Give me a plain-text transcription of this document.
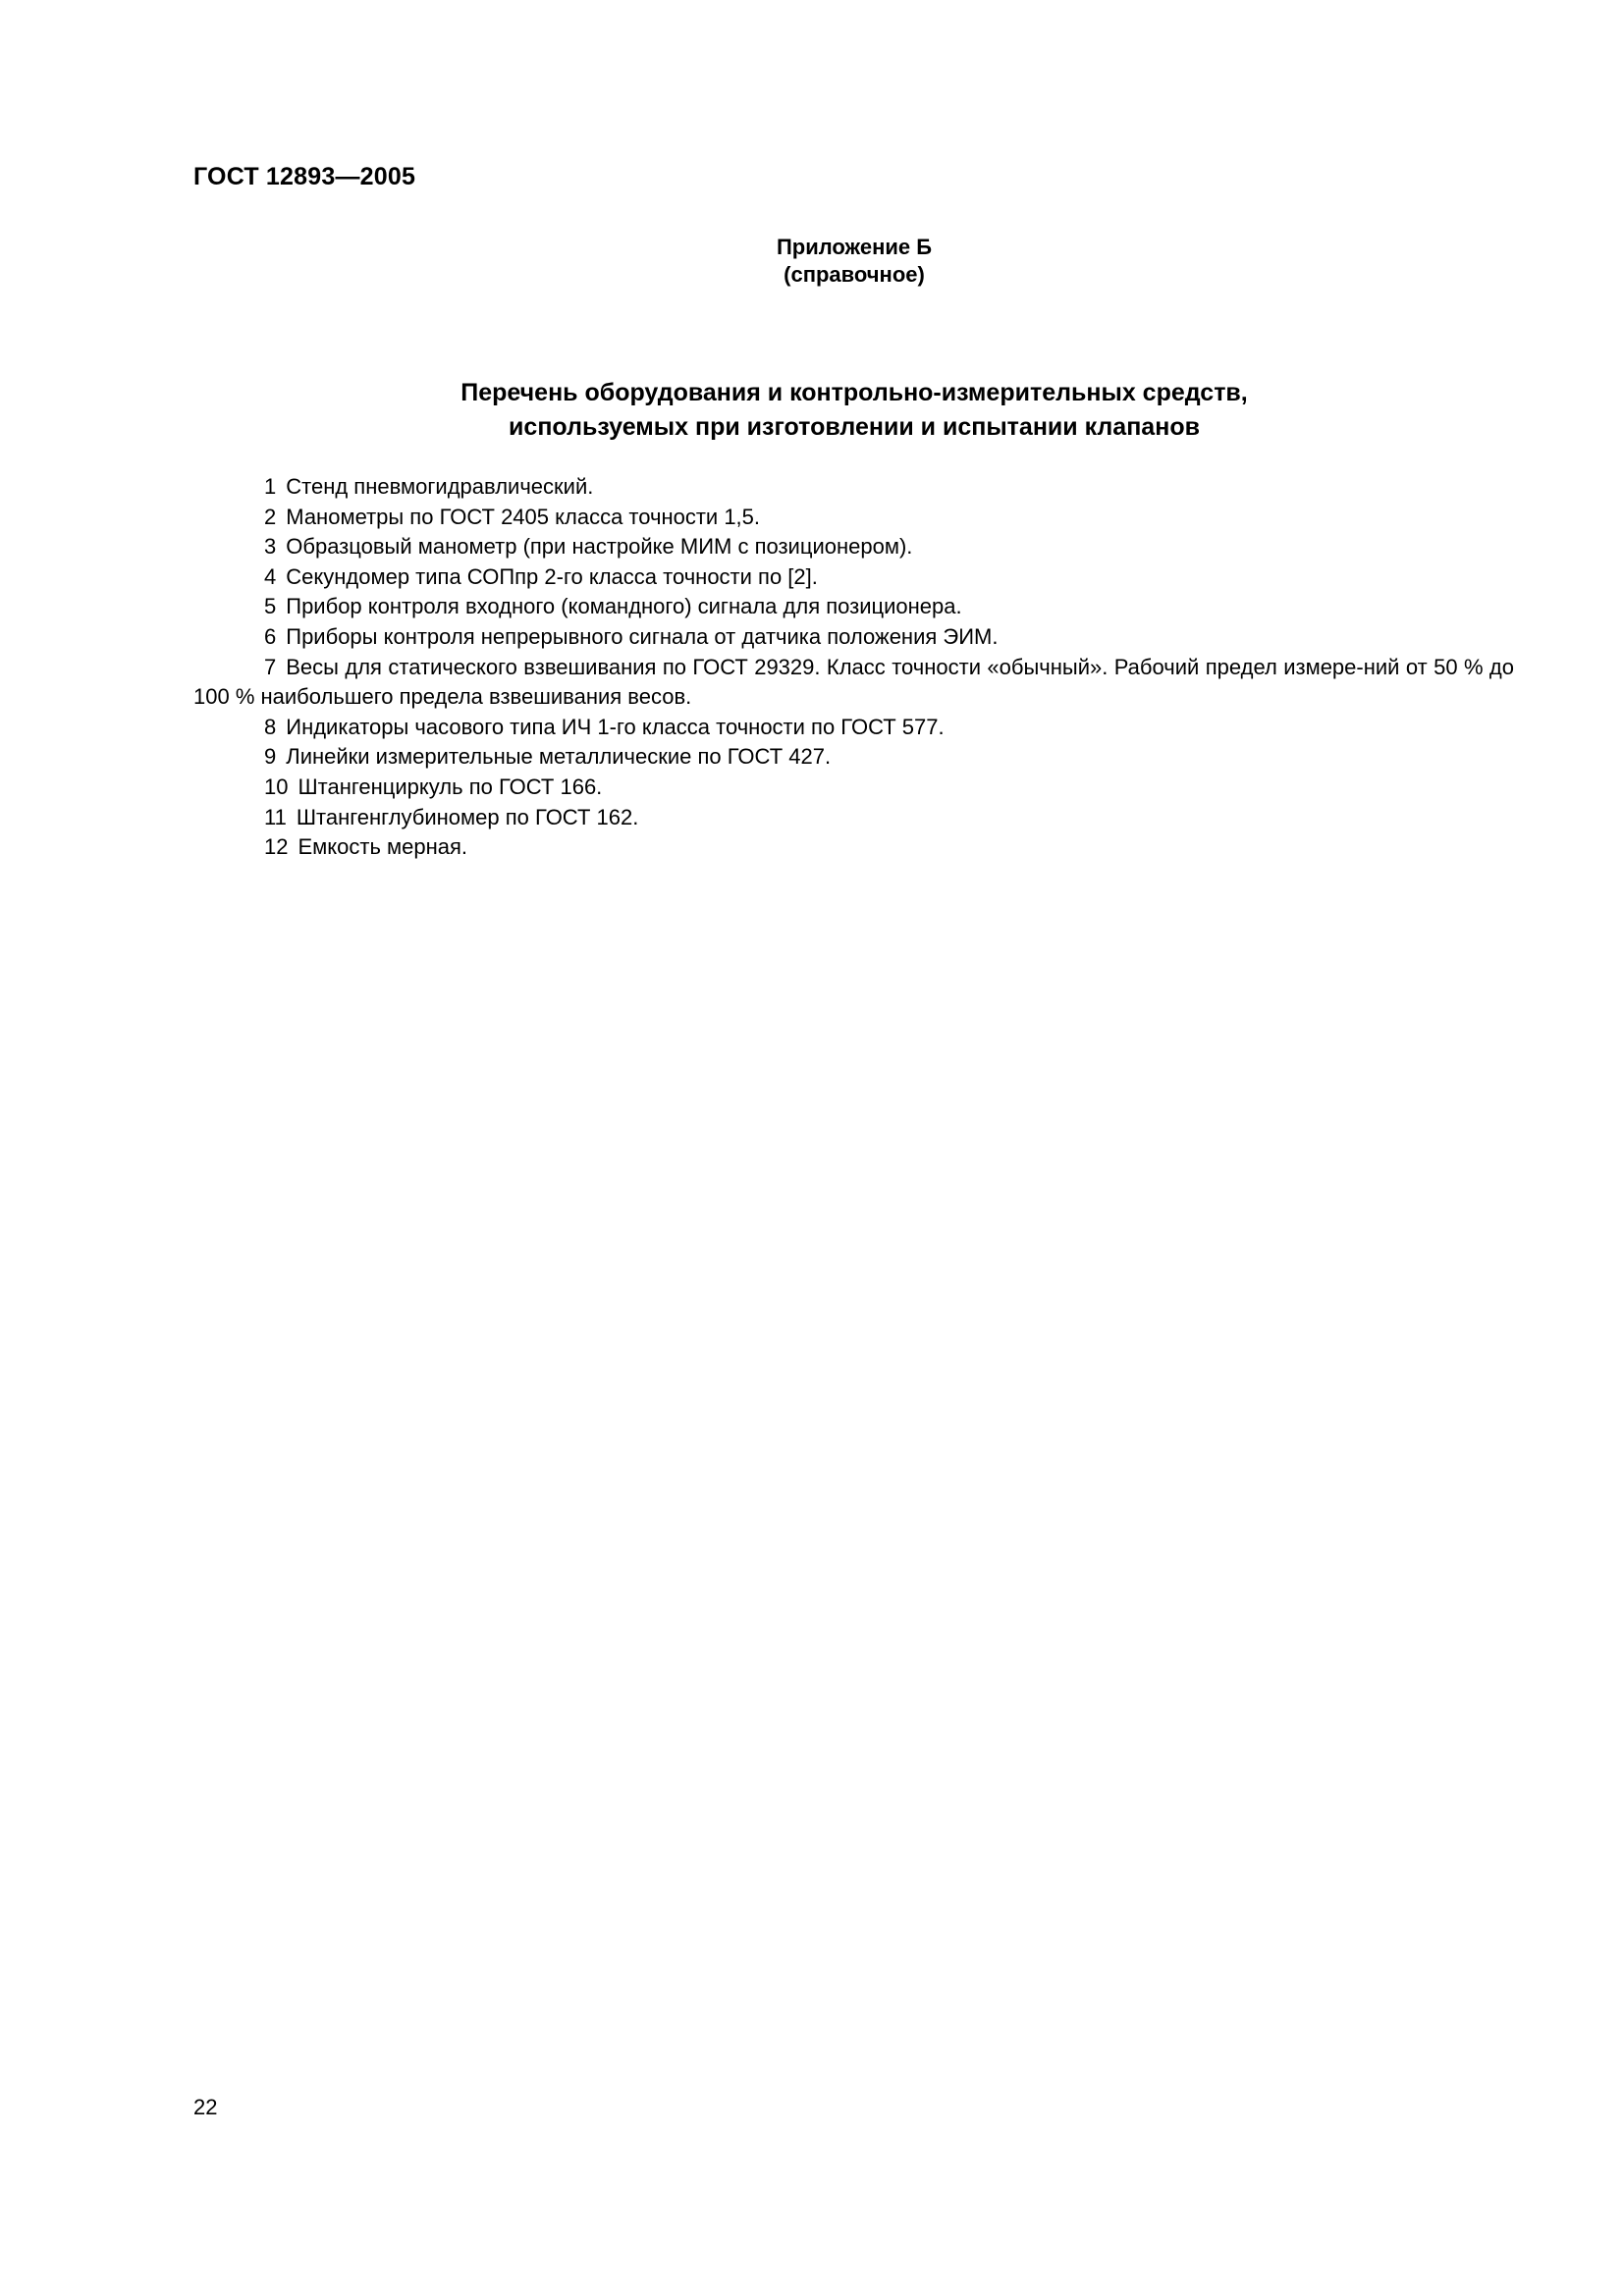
ГОСТ 12893—2005
Приложение Б
(справочное)
Перечень оборудования и контрольно-измерительных средств,
используемых при изготовлении и испытании клапанов

1 Стенд пневмогидравлический.

2 Манометры по ГОСТ 2405 класса точности 1,5.

3 Образцовый манометр (при настройке МИМ с позиционером).

4 Секундомер типа СОПпр 2-го класса точности по [2].

5 Прибор контроля входного (командного) сигнала для позиционера.

6 Приборы контроля непрерывного сигнала от датчика положения ЭИМ.

7 Весы для статического взвешивания по ГОСТ 29329. Класс точности «обычный». Рабочий предел измере-ний от 50 % до 100 % наибольшего предела взвешивания весов.

8 Индикаторы часового типа ИЧ 1-го класса точности по ГОСТ 577.

9 Линейки измерительные металлические по ГОСТ 427.

10 Штангенциркуль по ГОСТ 166.

11 Штангенглубиномер по ГОСТ 162.

12 Емкость мерная.

22
